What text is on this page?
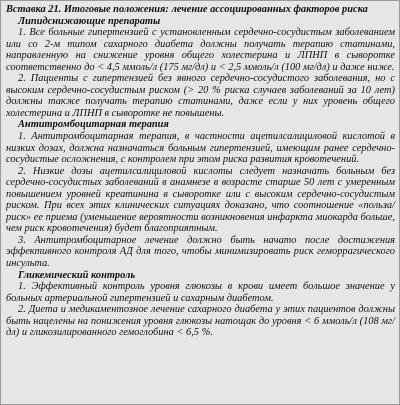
Вставка 21. Итоговые положения: лечение ассоциированных факторов риска

Липидснижающие препараты

1. Все больные гипертензией с установленным сердечно-сосудистым заболеванием или со 2-м типом сахарного диабета должны получать терапию статинами, направленную на снижение уровня общего холестерина и ЛПНП в сыворотке соответственно до < 4,5 ммоль/л (175 мг/дл) и < 2,5 ммоль/л (100 мг/дл) и даже ниже.

2. Пациенты с гипертензией без явного сердечно-сосудистого заболевания, но с высоким сердечно-сосудистым риском (> 20 % риска случаев заболеваний за 10 лет) должны также получать терапию статинами, даже если у них уровень общего холестерина и ЛПНП в сыворотке не повышены.

Антитромбоцитарная терапия

1. Антитромбоцитарная терапия, в частности ацетилсалициловой кислотой в низких дозах, должна назначаться больным гипертензией, имеющим ранее сердечно-сосудистые осложнения, с контролем при этом риска развития кровотечений.

2. Низкие дозы ацетилсалициловой кислоты следует назначать больным без сердечно-сосудистых заболеваний в анамнезе в возрасте старше 50 лет с умеренным повышением уровней креатинина в сыворотке или с высоким сердечно-сосудистым риском. При всех этих клинических ситуациях доказано, что соотношение «польза/риск» ее приема (уменьшение вероятности возникновения инфаркта миокарда больше, чем риск кровотечения) будет благоприятным.

3. Антитромбоцитарное лечение должно быть начато после достижения эффективного контроля АД для того, чтобы минимизировать риск геморрагического инсульта.

Гликемический контроль

1. Эффективный контроль уровня глюкозы в крови имеет большое значение у больных артериальной гипертензией и сахарным диабетом.

2. Диета и медикаментозное лечение сахарного диабета у этих пациентов должны быть нацелены на понижения уровня глюкозы натощак до уровня < 6 ммоль/л (108 мг/дл) и гликозилированного гемоглобина < 6,5 %.
